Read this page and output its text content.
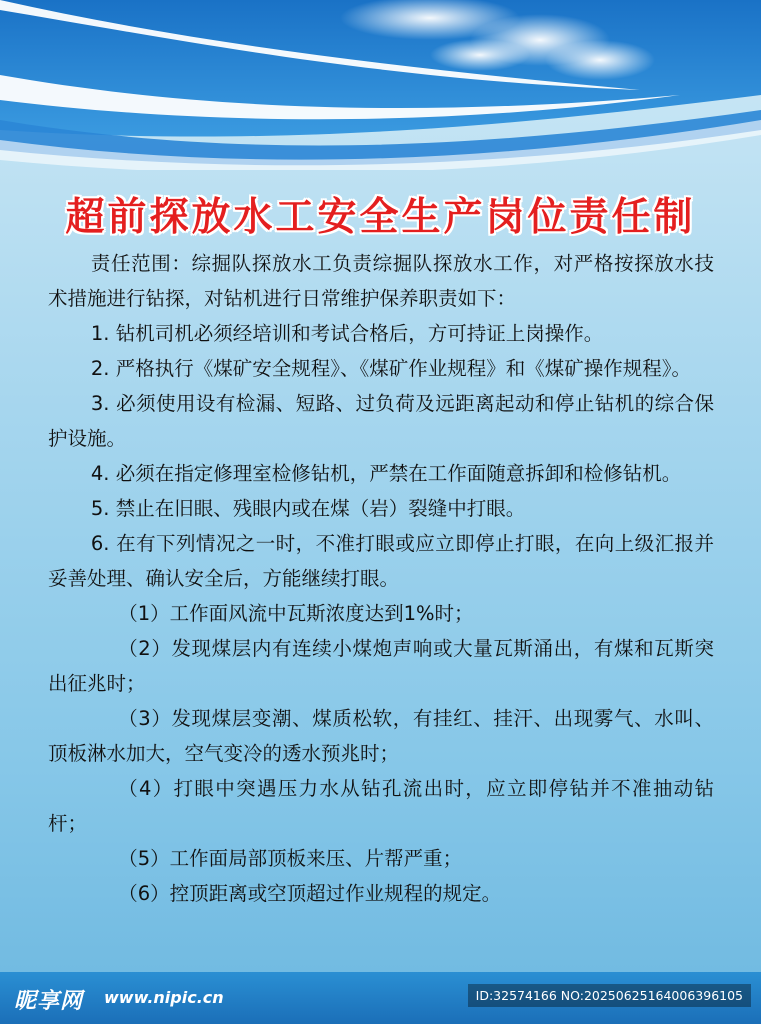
超前探放水工安全生产岗位责任制

责任范围：综掘队探放水工负责综掘队探放水工作，对严格按探放水技术措施进行钻探，对钻机进行日常维护保养职责如下：

1. 钻机司机必须经培训和考试合格后，方可持证上岗操作。

2. 严格执行《煤矿安全规程》、《煤矿作业规程》和《煤矿操作规程》。

3. 必须使用设有检漏、短路、过负荷及远距离起动和停止钻机的综合保护设施。

4. 必须在指定修理室检修钻机，严禁在工作面随意拆卸和检修钻机。

5. 禁止在旧眼、残眼内或在煤（岩）裂缝中打眼。

6. 在有下列情况之一时，不准打眼或应立即停止打眼，在向上级汇报并妥善处理、确认安全后，方能继续打眼。

（1）工作面风流中瓦斯浓度达到1%时；

（2）发现煤层内有连续小煤炮声响或大量瓦斯涌出，有煤和瓦斯突出征兆时；

（3）发现煤层变潮、煤质松软，有挂红、挂汗、出现雾气、水叫、顶板淋水加大，空气变冷的透水预兆时；

（4）打眼中突遇压力水从钻孔流出时，应立即停钻并不准抽动钻杆；

（5）工作面局部顶板来压、片帮严重；

（6）控顶距离或空顶超过作业规程的规定。

昵享网 www.nipic.cn	ID:32574166 NO:20250625164006396105
